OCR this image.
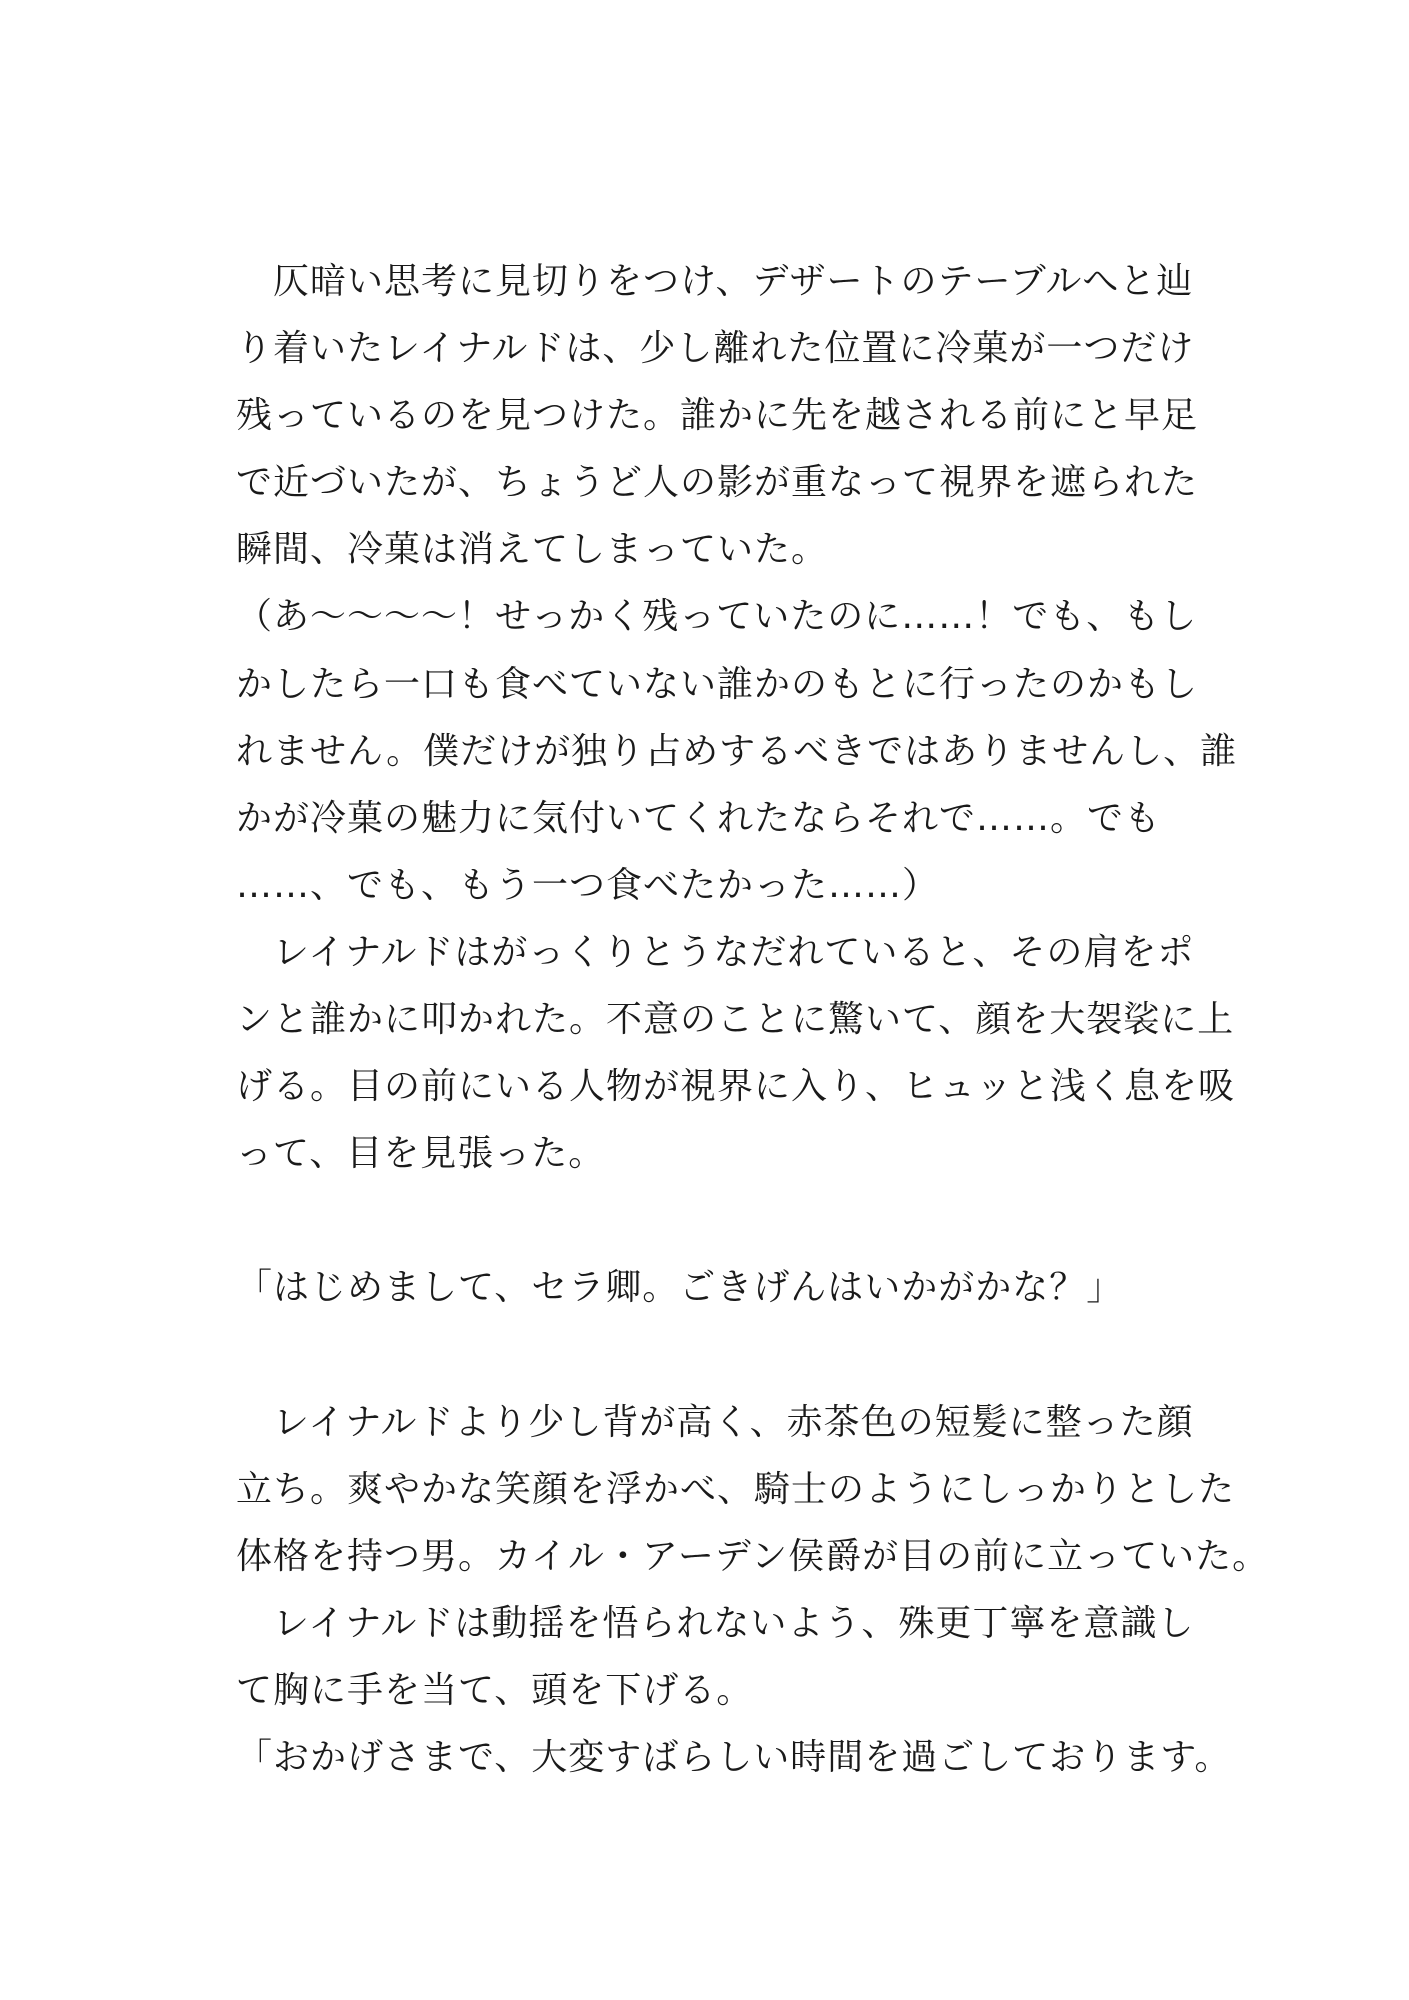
　仄暗い思考に見切りをつけ、デザートのテーブルへと辿
り着いたレイナルドは、少し離れた位置に冷菓が一つだけ
残っているのを見つけた。誰かに先を越される前にと早足
で近づいたが、ちょうど人の影が重なって視界を遮られた
瞬間、冷菓は消えてしまっていた。
（あ～～～～！せっかく残っていたのに……！でも、もし
かしたら一口も食べていない誰かのもとに行ったのかもし
れません。僕だけが独り占めするべきではありませんし、誰
かが冷菓の魅力に気付いてくれたならそれで……。でも
……、でも、もう一つ食べたかった……）
　レイナルドはがっくりとうなだれていると、その肩をポ
ンと誰かに叩かれた。不意のことに驚いて、顔を大袈裟に上
げる。目の前にいる人物が視界に入り、ヒュッと浅く息を吸
って、目を見張った。
「はじめまして、セラ卿。ごきげんはいかがかな？」
　レイナルドより少し背が高く、赤茶色の短髪に整った顔
立ち。爽やかな笑顔を浮かべ、騎士のようにしっかりとした
体格を持つ男。カイル・アーデン侯爵が目の前に立っていた。
　レイナルドは動揺を悟られないよう、殊更丁寧を意識し
て胸に手を当て、頭を下げる。
「おかげさまで、大変すばらしい時間を過ごしております。
